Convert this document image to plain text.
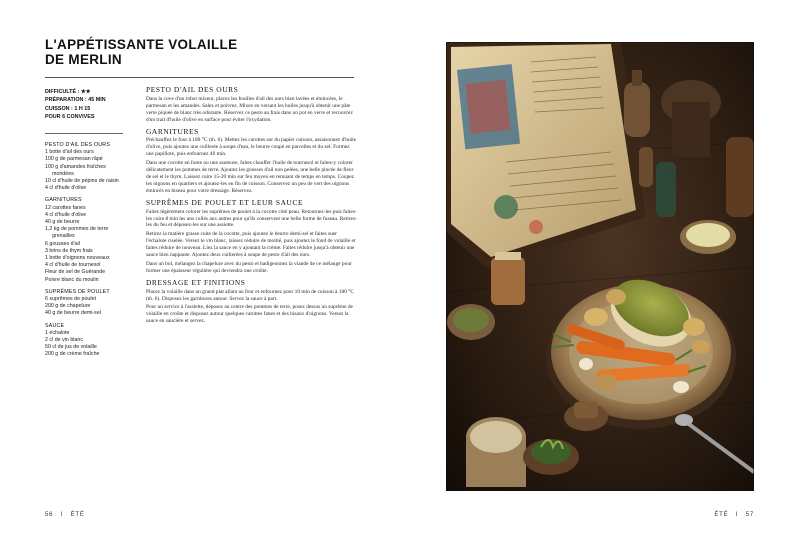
L'APPÉTISSANTE VOLAILLE
DE MERLIN
DIFFICULTÉ : ★★
PRÉPARATION : 45 MIN
CUISSON : 1 H 15
POUR 6 CONVIVES
PESTO D'AIL DES OURS
1 botte d'ail des ours
100 g de parmesan râpé
100 g d'amandes fraîches
mondées
10 cl d'huile de pépins de raisin
4 cl d'huile d'olive
GARNITURES
12 carottes fanes
4 cl d'huile d'olive
40 g de beurre
1,2 kg de pommes de terre
grenailles
6 gousses d'ail
3 brins de thym frais
1 botte d'oignons nouveaux
4 cl d'huile de tournesol
Fleur de sel de Guérande
Poivre blanc du moulin
SUPRÊMES DE POULET
6 suprêmes de poulet
200 g de chapelure
40 g de beurre demi-sel
SAUCE
1 échalote
2 cl de vin blanc
50 cl de jus de volaille
200 g de crème fraîche
PESTO D'AIL DES OURS

Dans la cuve d'un robot mixeur, placez les feuilles d'ail des ours bien lavées et émincées, le parmesan et les amandes. Salez et poivrez. Mixez en versant les huiles jusqu'à obtenir une pâte verte piquée de blanc très odorante. Réservez ce pesto au frais dans un pot en verre et recouvrez d'un trait d'huile d'olive en surface pour éviter l'oxydation.

GARNITURES

Préchauffez le four à 180 °C (th. 6). Mettez les carottes sur du papier cuisson, assaisonnez d'huile d'olive, puis ajoutez une cuillerée à soupe d'eau, le beurre coupé en parcelles et du sel. Formez une papillote, puis enfournez 40 min.

Dans une cocotte en fonte ou une sauteuse, faites chauffer l'huile de tournesol et faites-y colorer délicatement les pommes de terre. Ajoutez les gousses d'ail non pelées, une belle pincée de fleur de sel et le thym. Laissez cuire 15-20 min sur feu moyen en remuant de temps en temps. Coupez les oignons en quartiers et ajoutez-les en fin de cuisson. Conservez un peu de vert des oignons émincés en biseau pour votre dressage. Réservez.

SUPRÊMES DE POULET ET LEUR SAUCE

Faites légèrement colorer les suprêmes de poulet à la cocotte côté peau. Retournez-les puis faites-les cuire 8 min les uns collés aux autres pour qu'ils conservent une belle forme de fuseau. Retirez-les du feu et déposez-les sur une assiette.

Retirez la matière grasse cuite de la cocotte, puis ajoutez le beurre demi-sel et faites suer l'échalote ciselée. Versez le vin blanc, laissez réduire de moitié, puis ajoutez le fond de volaille et faites réduire de nouveau. Liez la sauce en y ajoutant la crème. Faites réduire jusqu'à obtenir une sauce bien nappante. Ajoutez deux cuillerées à soupe de pesto d'ail des ours.

Dans un bol, mélangez la chapelure avec du pesto et badigeonnez la viande de ce mélange pour former une épaisseur régulière qui deviendra une croûte.

DRESSAGE ET FINITIONS

Placez la volaille dans un grand plat allant au four et enfournez pour 10 min de cuisson à 180 °C (th. 6). Disposez les garnitures autour. Servez la sauce à part.

Pour un service à l'assiette, déposez au centre des pommes de terre, posez dessus un suprême de volaille en croûte et disposez autour quelques carottes fanes et des bisaux d'oignons. Versez la sauce en saucière et servez.

56 I ÉTÉ	ÉTÉ I 57
